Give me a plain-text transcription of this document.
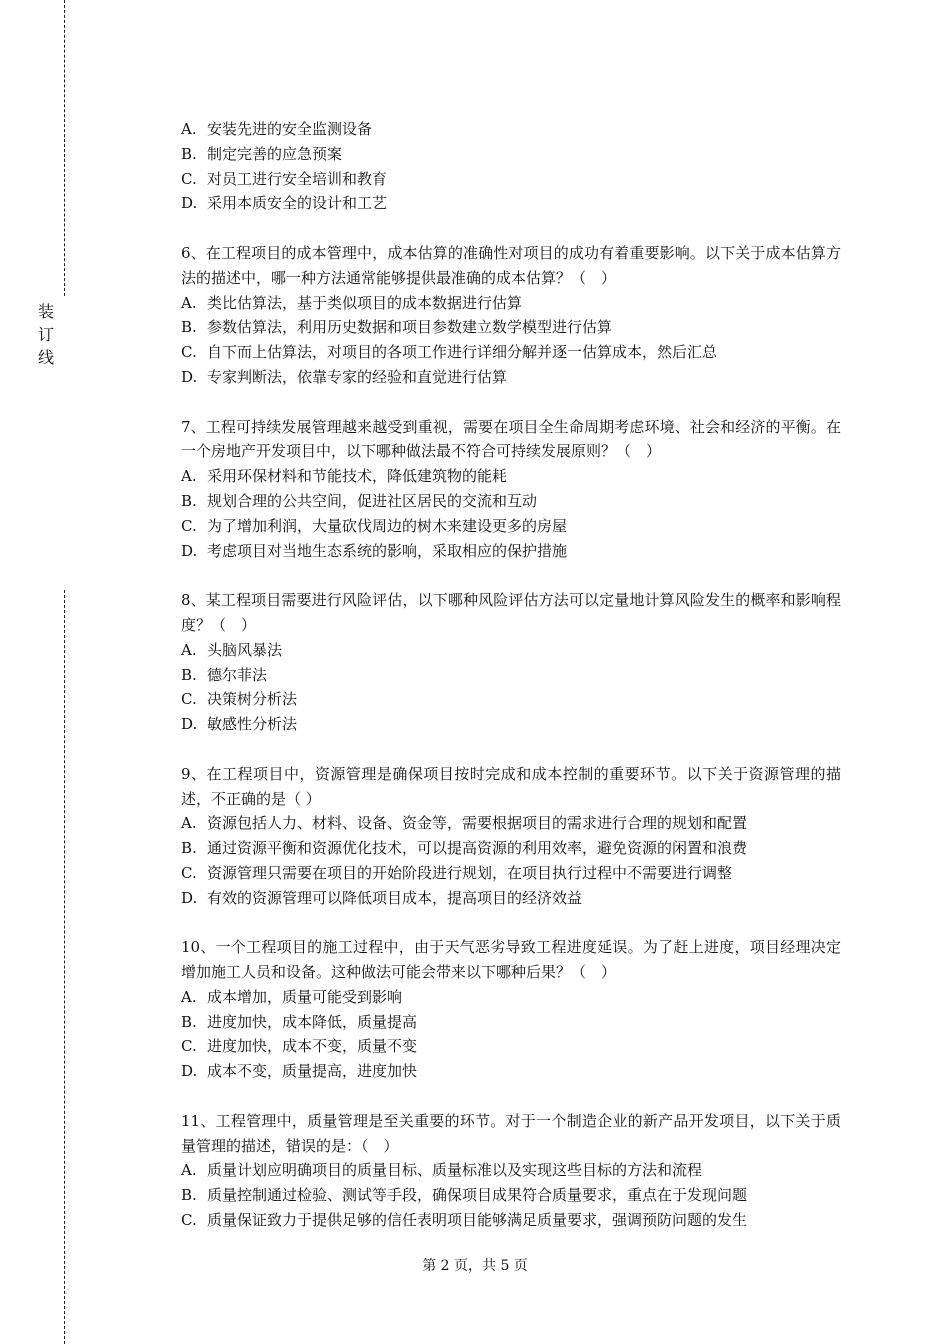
装
订
线
A. 安装先进的安全监测设备
B. 制定完善的应急预案
C. 对员工进行安全培训和教育
D. 采用本质安全的设计和工艺
6、在工程项目的成本管理中，成本估算的准确性对项目的成功有着重要影响。以下关于成本估算方法的描述中，哪一种方法通常能够提供最准确的成本估算？（　）
A. 类比估算法，基于类似项目的成本数据进行估算
B. 参数估算法，利用历史数据和项目参数建立数学模型进行估算
C. 自下而上估算法，对项目的各项工作进行详细分解并逐一估算成本，然后汇总
D. 专家判断法，依靠专家的经验和直觉进行估算
7、工程可持续发展管理越来越受到重视，需要在项目全生命周期考虑环境、社会和经济的平衡。在一个房地产开发项目中，以下哪种做法最不符合可持续发展原则？（　）
A. 采用环保材料和节能技术，降低建筑物的能耗
B. 规划合理的公共空间，促进社区居民的交流和互动
C. 为了增加利润，大量砍伐周边的树木来建设更多的房屋
D. 考虑项目对当地生态系统的影响，采取相应的保护措施
8、某工程项目需要进行风险评估，以下哪种风险评估方法可以定量地计算风险发生的概率和影响程度？（　）
A. 头脑风暴法
B. 德尔菲法
C. 决策树分析法
D. 敏感性分析法
9、在工程项目中，资源管理是确保项目按时完成和成本控制的重要环节。以下关于资源管理的描述，不正确的是（ ）
A. 资源包括人力、材料、设备、资金等，需要根据项目的需求进行合理的规划和配置
B. 通过资源平衡和资源优化技术，可以提高资源的利用效率，避免资源的闲置和浪费
C. 资源管理只需要在项目的开始阶段进行规划，在项目执行过程中不需要进行调整
D. 有效的资源管理可以降低项目成本，提高项目的经济效益
10、一个工程项目的施工过程中，由于天气恶劣导致工程进度延误。为了赶上进度，项目经理决定增加施工人员和设备。这种做法可能会带来以下哪种后果？（　）
A. 成本增加，质量可能受到影响
B. 进度加快，成本降低，质量提高
C. 进度加快，成本不变，质量不变
D. 成本不变，质量提高，进度加快
11、工程管理中，质量管理是至关重要的环节。对于一个制造企业的新产品开发项目，以下关于质量管理的描述，错误的是：（　）
A. 质量计划应明确项目的质量目标、质量标准以及实现这些目标的方法和流程
B. 质量控制通过检验、测试等手段，确保项目成果符合质量要求，重点在于发现问题
C. 质量保证致力于提供足够的信任表明项目能够满足质量要求，强调预防问题的发生
第 2 页，共 5 页
